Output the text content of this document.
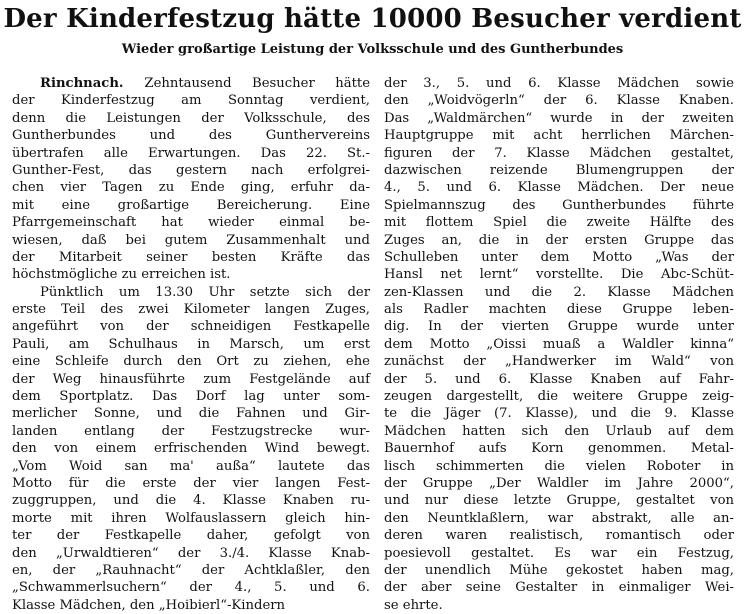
Der Kinderfestzug hätte 10000 Besucher verdient
Wieder großartige Leistung der Volksschule und des Guntherbundes
Rinchnach. Zehntausend Besucher hätte
der Kinderfestzug am Sonntag verdient,
denn die Leistungen der Volksschule, des
Guntherbundes und des Gunthervereins
übertrafen alle Erwartungen. Das 22. St.-
Gunther-Fest, das gestern nach erfolgrei-
chen vier Tagen zu Ende ging, erfuhr da-
mit eine großartige Bereicherung. Eine
Pfarrgemeinschaft hat wieder einmal be-
wiesen, daß bei gutem Zusammenhalt und
der Mitarbeit seiner besten Kräfte das
höchstmögliche zu erreichen ist.
Pünktlich um 13.30 Uhr setzte sich der
erste Teil des zwei Kilometer langen Zuges,
angeführt von der schneidigen Festkapelle
Pauli, am Schulhaus in Marsch, um erst
eine Schleife durch den Ort zu ziehen, ehe
der Weg hinausführte zum Festgelände auf
dem Sportplatz. Das Dorf lag unter som-
merlicher Sonne, und die Fahnen und Gir-
landen entlang der Festzugstrecke wur-
den von einem erfrischenden Wind bewegt.
„Vom Woid san ma' außa“ lautete das
Motto für die erste der vier langen Fest-
zuggruppen, und die 4. Klasse Knaben ru-
morte mit ihren Wolfauslassern gleich hin-
ter der Festkapelle daher, gefolgt von
den „Urwaldtieren“ der 3./4. Klasse Knab-
en, der „Rauhnacht“ der Achtklaßler, den
„Schwammerlsuchern“ der 4., 5. und 6.
Klasse Mädchen, den „Hoibierl“-Kindern
der 3., 5. und 6. Klasse Mädchen sowie
den „Woidvögerln“ der 6. Klasse Knaben.
Das „Waldmärchen“ wurde in der zweiten
Hauptgruppe mit acht herrlichen Märchen-
figuren der 7. Klasse Mädchen gestaltet,
dazwischen reizende Blumengruppen der
4., 5. und 6. Klasse Mädchen. Der neue
Spielmannszug des Guntherbundes führte
mit flottem Spiel die zweite Hälfte des
Zuges an, die in der ersten Gruppe das
Schulleben unter dem Motto „Was der
Hansl net lernt“ vorstellte. Die Abc-Schüt-
zen-Klassen und die 2. Klasse Mädchen
als Radler machten diese Gruppe leben-
dig. In der vierten Gruppe wurde unter
dem Motto „Oissi muaß a Waldler kinna“
zunächst der „Handwerker im Wald“ von
der 5. und 6. Klasse Knaben auf Fahr-
zeugen dargestellt, die weitere Gruppe zeig-
te die Jäger (7. Klasse), und die 9. Klasse
Mädchen hatten sich den Urlaub auf dem
Bauernhof aufs Korn genommen. Metal-
lisch schimmerten die vielen Roboter in
der Gruppe „Der Waldler im Jahre 2000“,
und nur diese letzte Gruppe, gestaltet von
den Neuntklaßlern, war abstrakt, alle an-
deren waren realistisch, romantisch oder
poesievoll gestaltet. Es war ein Festzug,
der unendlich Mühe gekostet haben mag,
der aber seine Gestalter in einmaliger Wei-
se ehrte.
